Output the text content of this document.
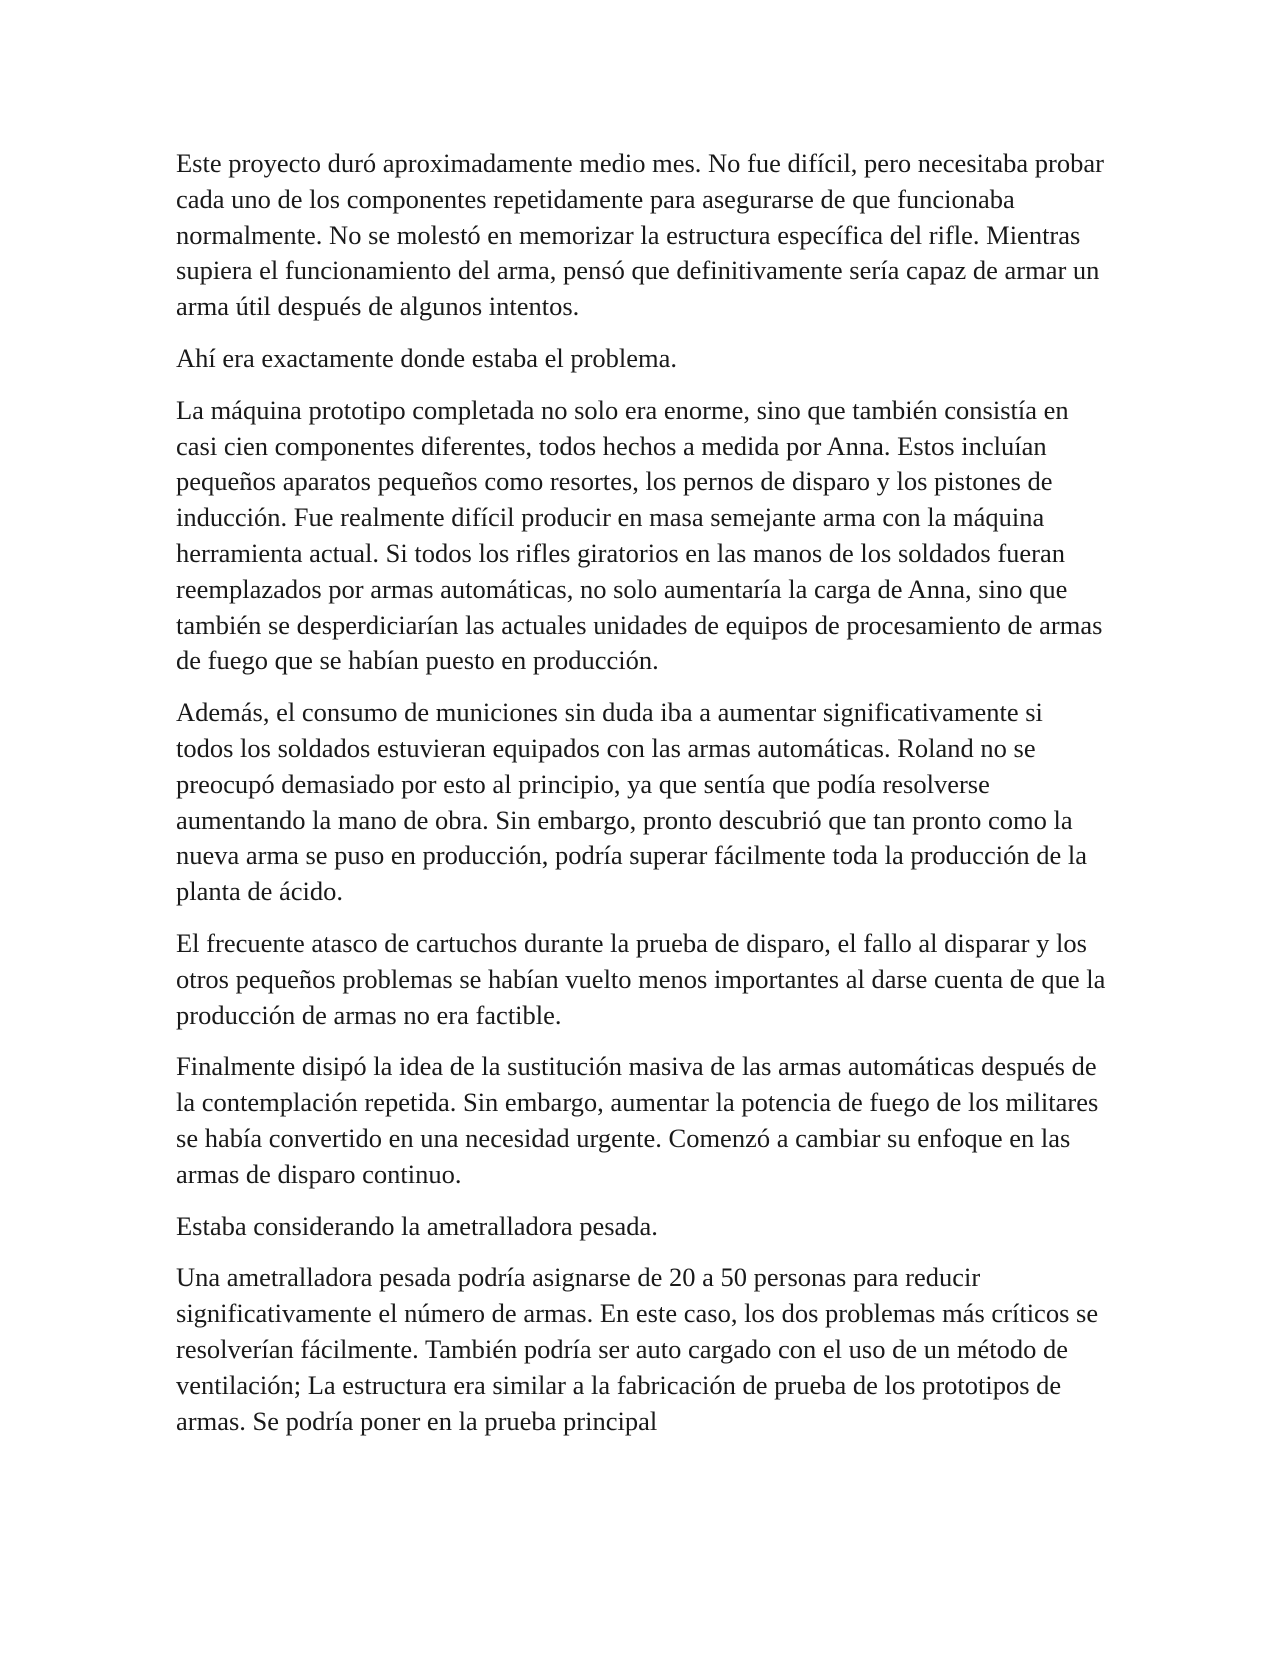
Este proyecto duró aproximadamente medio mes. No fue difícil, pero necesitaba probar cada uno de los componentes repetidamente para asegurarse de que funcionaba normalmente. No se molestó en memorizar la estructura específica del rifle. Mientras supiera el funcionamiento del arma, pensó que definitivamente sería capaz de armar un arma útil después de algunos intentos.

Ahí era exactamente donde estaba el problema.

La máquina prototipo completada no solo era enorme, sino que también consistía en casi cien componentes diferentes, todos hechos a medida por Anna. Estos incluían pequeños aparatos pequeños como resortes, los pernos de disparo y los pistones de inducción. Fue realmente difícil producir en masa semejante arma con la máquina herramienta actual. Si todos los rifles giratorios en las manos de los soldados fueran reemplazados por armas automáticas, no solo aumentaría la carga de Anna, sino que también se desperdiciarían las actuales unidades de equipos de procesamiento de armas de fuego que se habían puesto en producción.

Además, el consumo de municiones sin duda iba a aumentar significativamente si todos los soldados estuvieran equipados con las armas automáticas. Roland no se preocupó demasiado por esto al principio, ya que sentía que podía resolverse aumentando la mano de obra. Sin embargo, pronto descubrió que tan pronto como la nueva arma se puso en producción, podría superar fácilmente toda la producción de la planta de ácido.

El frecuente atasco de cartuchos durante la prueba de disparo, el fallo al disparar y los otros pequeños problemas se habían vuelto menos importantes al darse cuenta de que la producción de armas no era factible.

Finalmente disipó la idea de la sustitución masiva de las armas automáticas después de la contemplación repetida. Sin embargo, aumentar la potencia de fuego de los militares se había convertido en una necesidad urgente. Comenzó a cambiar su enfoque en las armas de disparo continuo.

Estaba considerando la ametralladora pesada.

Una ametralladora pesada podría asignarse de 20 a 50 personas para reducir significativamente el número de armas. En este caso, los dos problemas más críticos se resolverían fácilmente. También podría ser auto cargado con el uso de un método de ventilación; La estructura era similar a la fabricación de prueba de los prototipos de armas. Se podría poner en la prueba principal
